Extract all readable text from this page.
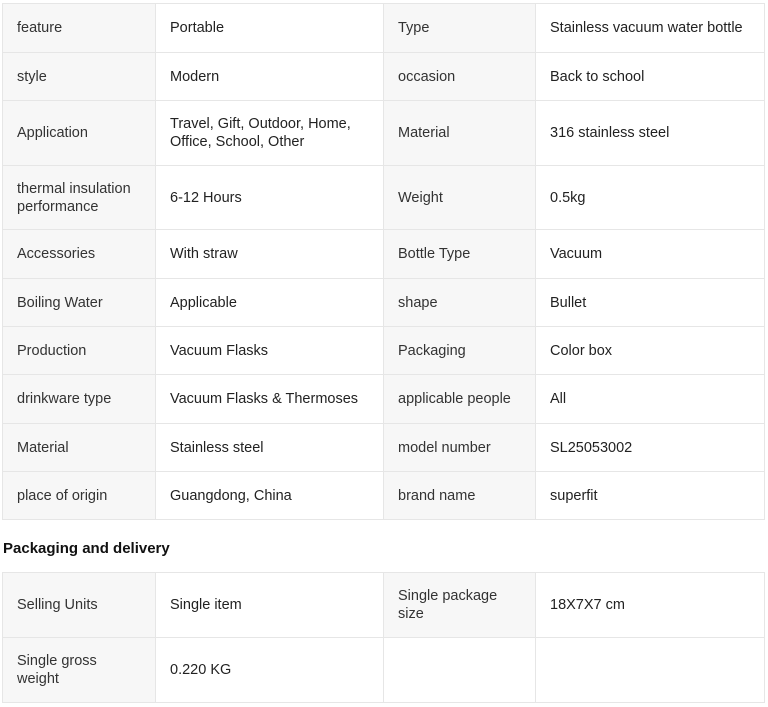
feature	Portable	Type	Stainless vacuum water bottle
style	Modern	occasion	Back to school
Application	Travel, Gift, Outdoor, Home, Office, School, Other	Material	316 stainless steel
thermal insulation performance	6-12 Hours	Weight	0.5kg
Accessories	With straw	Bottle Type	Vacuum
Boiling Water	Applicable	shape	Bullet
Production	Vacuum Flasks	Packaging	Color box
drinkware type	Vacuum Flasks & Thermoses	applicable people	All
Material	Stainless steel	model number	SL25053002
place of origin	Guangdong, China	brand name	superfit
Packaging and delivery
Selling Units	Single item	Single package size	18X7X7 cm
Single gross weight	0.220 KG		
